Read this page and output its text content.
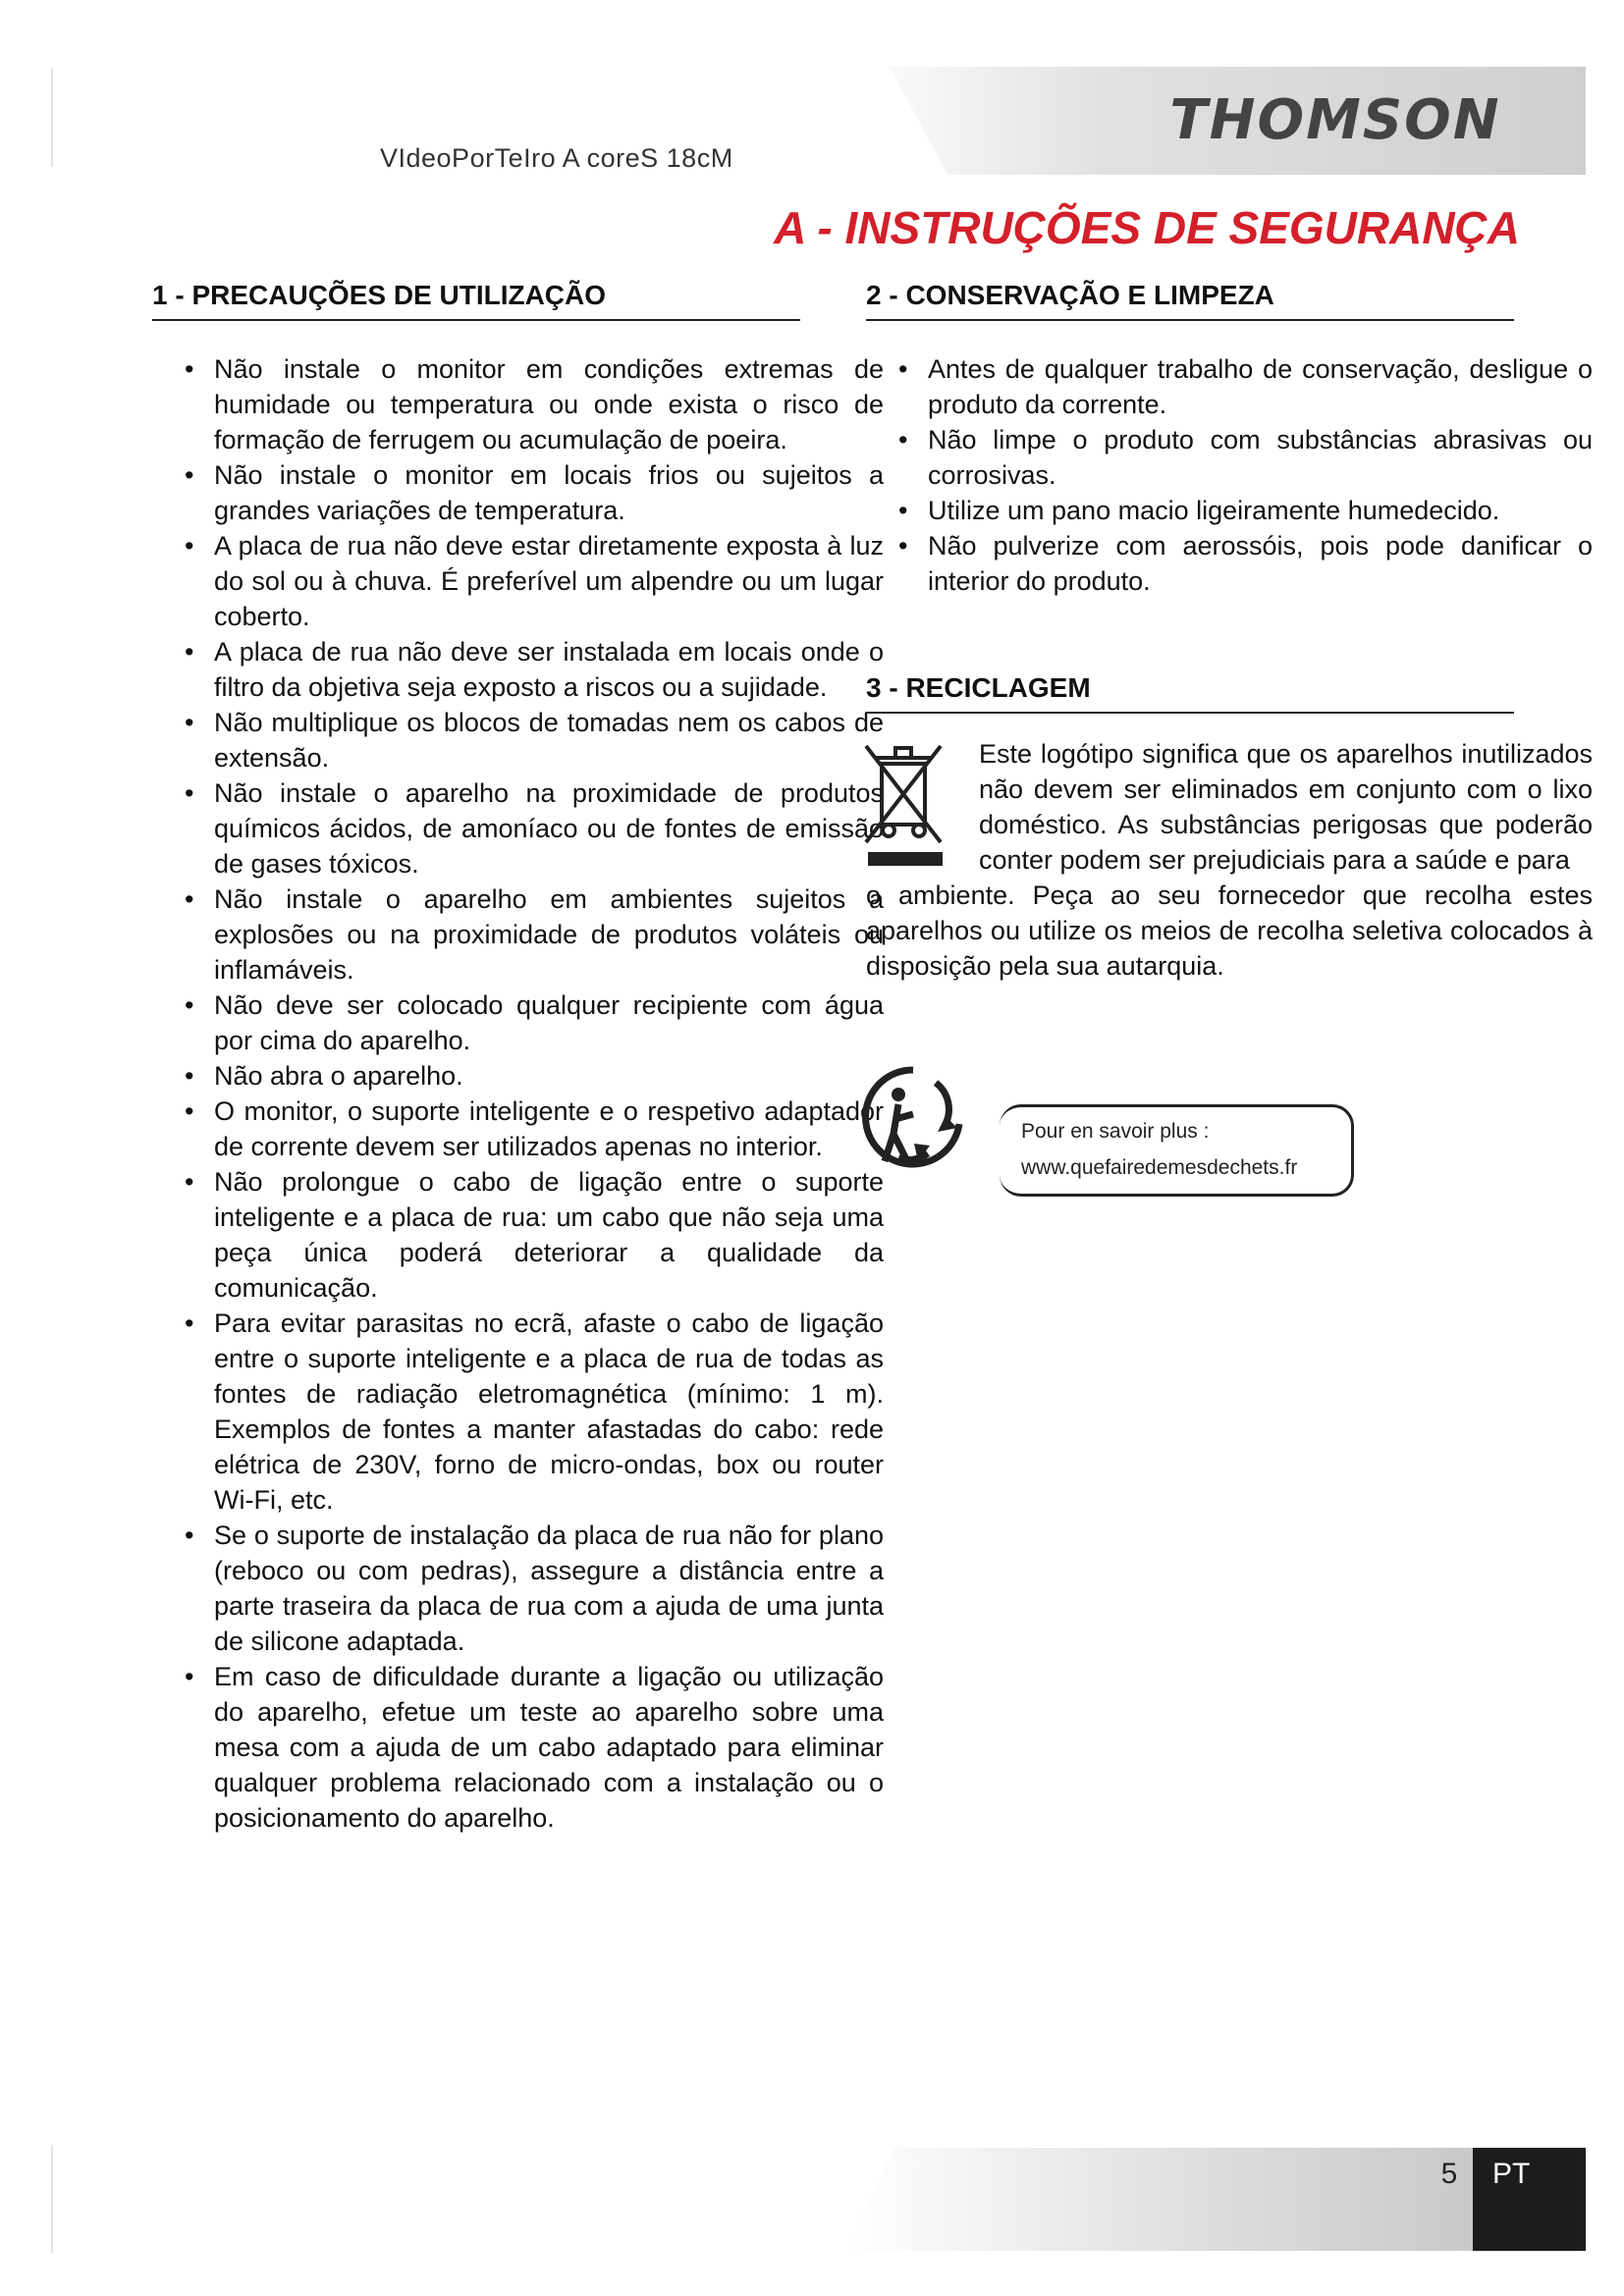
THOMSON
VIdeoPorTeIro A coreS 18cM
A - INSTRUÇÕES DE SEGURANÇA
1 - PRECAUÇÕES DE UTILIZAÇÃO
• Não instale o monitor em condições extremas de humidade ou temperatura ou onde exista o risco de formação de ferrugem ou acumulação de poeira.
• Não instale o monitor em locais frios ou sujeitos a grandes variações de temperatura.
• A placa de rua não deve estar diretamente exposta à luz do sol ou à chuva. É preferível um alpendre ou um lugar coberto.
• A placa de rua não deve ser instalada em locais onde o filtro da objetiva seja exposto a riscos ou a sujidade.
• Não multiplique os blocos de tomadas nem os cabos de extensão.
• Não instale o aparelho na proximidade de produtos químicos ácidos, de amoníaco ou de fontes de emissão de gases tóxicos.
• Não instale o aparelho em ambientes sujeitos a explosões ou na proximidade de produtos voláteis ou inflamáveis.
• Não deve ser colocado qualquer recipiente com água por cima do aparelho.
• Não abra o aparelho.
• O monitor, o suporte inteligente e o respetivo adaptador de corrente devem ser utilizados apenas no interior.
• Não prolongue o cabo de ligação entre o suporte inteligente e a placa de rua: um cabo que não seja uma peça única poderá deteriorar a qualidade da comunicação.
• Para evitar parasitas no ecrã, afaste o cabo de ligação entre o suporte inteligente e a placa de rua de todas as fontes de radiação eletromagnética (mínimo: 1 m). Exemplos de fontes a manter afastadas do cabo: rede elétrica de 230V, forno de micro-ondas, box ou router Wi-Fi, etc.
• Se o suporte de instalação da placa de rua não for plano (reboco ou com pedras), assegure a distância entre a parte traseira da placa de rua com a ajuda de uma junta de silicone adaptada.
• Em caso de dificuldade durante a ligação ou utilização do aparelho, efetue um teste ao aparelho sobre uma mesa com a ajuda de um cabo adaptado para eliminar qualquer problema relacionado com a instalação ou o posicionamento do aparelho.
2 - CONSERVAÇÃO E LIMPEZA
• Antes de qualquer trabalho de conservação, desligue o produto da corrente.
• Não limpe o produto com substâncias abrasivas ou corrosivas.
• Utilize um pano macio ligeiramente humedecido.
• Não pulverize com aerossóis, pois pode danificar o interior do produto.
3 - RECICLAGEM
Este logótipo significa que os aparelhos inutilizados não devem ser eliminados em conjunto com o lixo doméstico. As substâncias perigosas que poderão conter podem ser prejudiciais para a saúde e para
o ambiente. Peça ao seu fornecedor que recolha estes aparelhos ou utilize os meios de recolha seletiva colocados à disposição pela sua autarquia.
Pour en savoir plus :
www.quefairedemesdechets.fr
5	PT
